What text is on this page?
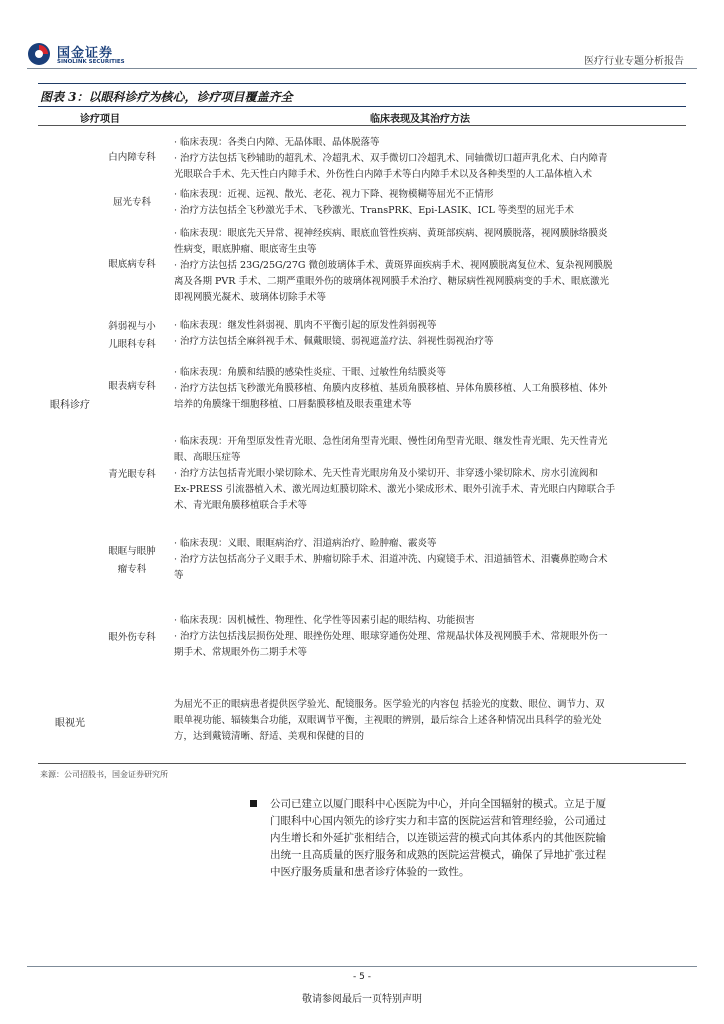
国金证券
SINOLINK SECURITIES	医疗行业专题分析报告
图表 3：以眼科诊疗为核心，诊疗项目覆盖齐全
诊疗项目	临床表现及其治疗方法
眼科诊疗
白内障专科
· 临床表现：各类白内障、无晶体眼、晶体脱落等
· 治疗方法包括飞秒辅助的超乳术、冷超乳术、双手微切口冷超乳术、同轴微切口超声乳化术、白内障青
光眼联合手术、先天性白内障手术、外伤性白内障手术等白内障手术以及各种类型的人工晶体植入术
屈光专科
· 临床表现：近视、远视、散光、老花、视力下降、视物模糊等屈光不正情形
· 治疗方法包括全飞秒激光手术、飞秒激光、TransPRK、Epi-LASIK、ICL 等类型的屈光手术
眼底病专科
· 临床表现：眼底先天异常、视神经疾病、眼底血管性疾病、黄斑部疾病、视网膜脱落，视网膜脉络膜炎
性病变，眼底肿瘤、眼底寄生虫等
· 治疗方法包括 23G/25G/27G 微创玻璃体手术、黄斑界面疾病手术、视网膜脱离复位术、复杂视网膜脱
离及各期 PVR 手术、二期严重眼外伤的玻璃体视网膜手术治疗、糖尿病性视网膜病变的手术、眼底激光
即视网膜光凝术、玻璃体切除手术等
斜弱视与小
儿眼科专科
· 临床表现：继发性斜弱视、肌肉不平衡引起的原发性斜弱视等
· 治疗方法包括全麻斜视手术、佩戴眼镜、弱视遮盖疗法、斜视性弱视治疗等
眼表病专科
· 临床表现：角膜和结膜的感染性炎症、干眼、过敏性角结膜炎等
· 治疗方法包括飞秒激光角膜移植、角膜内皮移植、基质角膜移植、异体角膜移植、人工角膜移植、体外
培养的角膜缘干细胞移植、口唇黏膜移植及眼表重建术等
青光眼专科
· 临床表现：开角型原发性青光眼、急性闭角型青光眼、慢性闭角型青光眼、继发性青光眼、先天性青光
眼、高眼压症等
· 治疗方法包括青光眼小梁切除术、先天性青光眼房角及小梁切开、非穿透小梁切除术、房水引流阀和
Ex-PRESS 引流器植入术、激光周边虹膜切除术、激光小梁成形术、眼外引流手术、青光眼白内障联合手
术、青光眼角膜移植联合手术等
眼眶与眼肿
瘤专科
· 临床表现：义眼、眼眶病治疗、泪道病治疗、睑肿瘤、霰炎等
· 治疗方法包括高分子义眼手术、肿瘤切除手术、泪道冲洗、内窥镜手术、泪道插管术、泪囊鼻腔吻合术
等
眼外伤专科
· 临床表现：因机械性、物理性、化学性等因素引起的眼结构、功能损害
· 治疗方法包括浅层损伤处理、眼挫伤处理、眼球穿通伤处理、常规晶状体及视网膜手术、常规眼外伤一
期手术、常规眼外伤二期手术等
眼视光
为屈光不正的眼病患者提供医学验光、配镜服务。医学验光的内容包 括验光的度数、眼位、调节力、双
眼单视功能、辐辏集合功能，双眼调节平衡，主视眼的辨别，最后综合上述各种情况出具科学的验光处
方，达到戴镜清晰、舒适、美观和保健的目的
来源：公司招股书，国金证券研究所
公司已建立以厦门眼科中心医院为中心，并向全国辐射的模式。立足于厦
门眼科中心国内领先的诊疗实力和丰富的医院运营和管理经验，公司通过
内生增长和外延扩张相结合，以连锁运营的模式向其体系内的其他医院输
出统一且高质量的医疗服务和成熟的医院运营模式，确保了异地扩张过程
中医疗服务质量和患者诊疗体验的一致性。
- 5 -
敬请参阅最后一页特别声明
